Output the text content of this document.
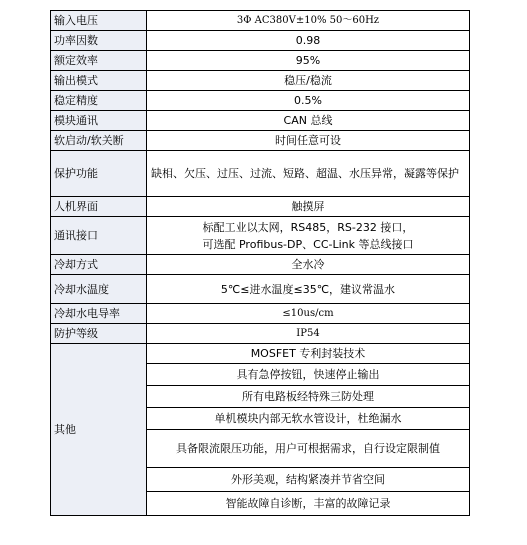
输入电压	3Φ AC380V±10% 50～60Hz
功率因数	0.98
额定效率	95%
输出模式	稳压/稳流
稳定精度	0.5%
模块通讯	CAN 总线
软启动/软关断	时间任意可设
保护功能	缺相、欠压、过压、过流、短路、超温、水压异常，凝露等保护
人机界面	触摸屏
通讯接口	标配工业以太网，RS485，RS-232 接口，
可选配 Profibus-DP、CC-Link 等总线接口

冷却方式	全水冷
冷却水温度	5℃≤进水温度≤35℃，建议常温水
冷却水电导率	≤10us/cm
防护等级	IP54
其他	MOSFET 专利封装技术
	具有急停按钮，快速停止输出
	所有电路板经特殊三防处理
	单机模块内部无软水管设计，杜绝漏水
	具备限流限压功能，用户可根据需求，自行设定限制值
	外形美观，结构紧凑并节省空间
	智能故障自诊断，丰富的故障记录
